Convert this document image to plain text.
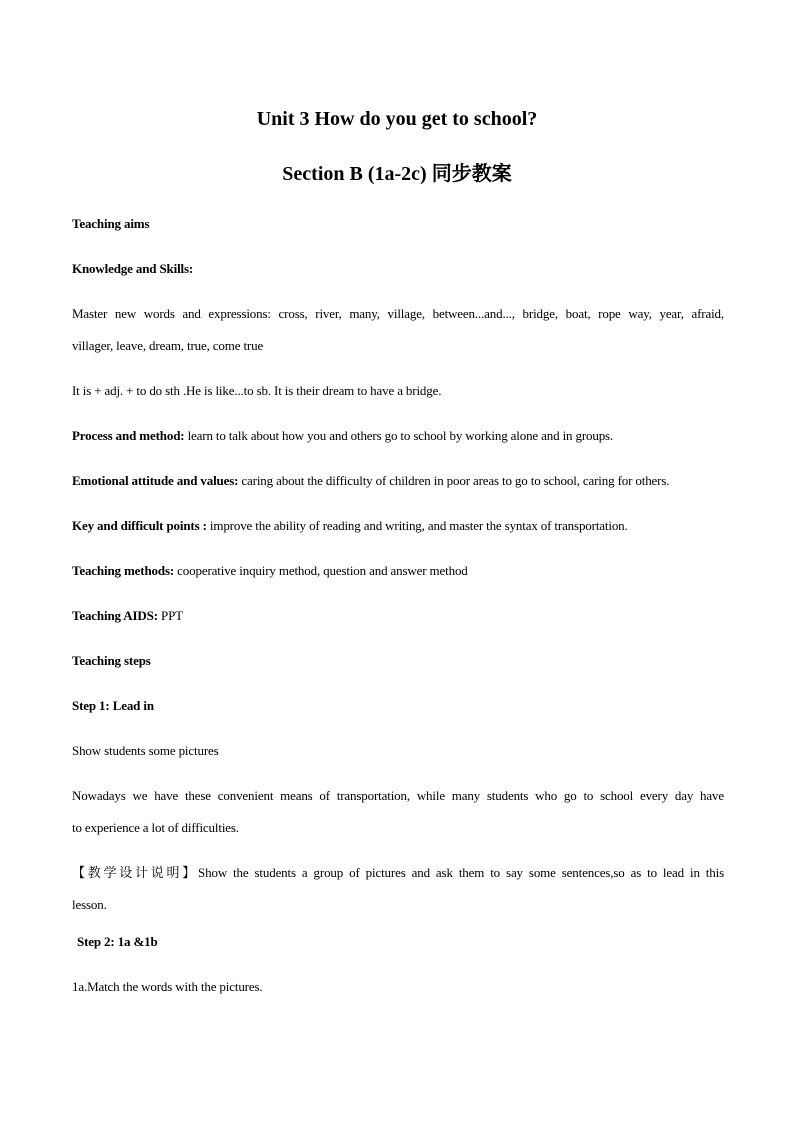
Unit 3 How do you get to school?
Section B (1a-2c) 同步教案
Teaching aims
Knowledge and Skills:
Master new words and expressions: cross, river, many, village, between...and..., bridge, boat, rope way, year, afraid,
villager, leave, dream, true, come true
It is + adj. + to do sth .He is like...to sb. It is their dream to have a bridge.
Process and method: learn to talk about how you and others go to school by working alone and in groups.
Emotional attitude and values: caring about the difficulty of children in poor areas to go to school, caring for others.
Key and difficult points : improve the ability of reading and writing, and master the syntax of transportation.
Teaching methods: cooperative inquiry method, question and answer method
Teaching AIDS: PPT
Teaching steps
Step 1: Lead in
Show students some pictures
Nowadays we have these convenient means of transportation, while many students who go to school every day have
to experience a lot of difficulties.
【教学设计说明】Show the students a group of pictures and ask them to say some sentences,so as to lead in this
lesson.
Step 2: 1a &1b
1a.Match the words with the pictures.
